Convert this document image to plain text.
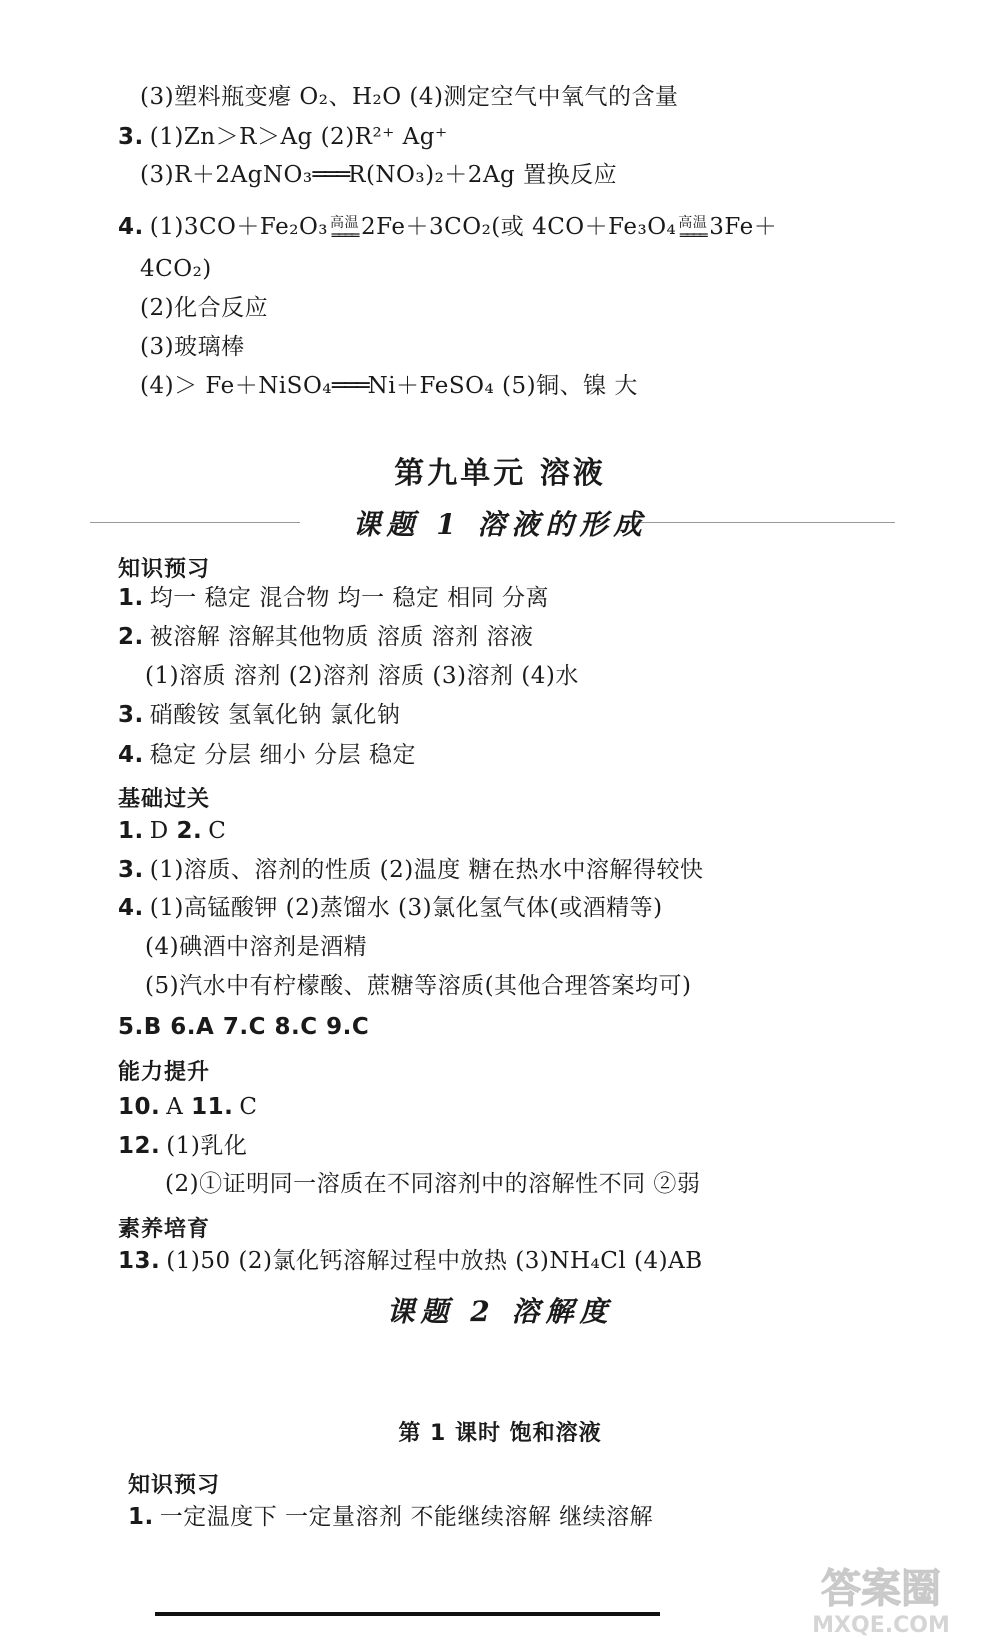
(3)塑料瓶变瘪 O₂、H₂O (4)测定空气中氧气的含量
3. (1)Zn＞R＞Ag (2)R²⁺ Ag⁺
(3)R＋2AgNO₃═══R(NO₃)₂＋2Ag 置换反应
4. (1)3CO＋Fe₂O₃ 高温
════ 2Fe＋3CO₂(或 4CO＋Fe₃O₄ 高温
════ 3Fe＋
4CO₂)
(2)化合反应
(3)玻璃棒
(4)＞ Fe＋NiSO₄═══Ni＋FeSO₄ (5)铜、镍 大
第九单元 溶液
课题 1 溶液的形成
知识预习
1. 均一 稳定 混合物 均一 稳定 相同 分离
2. 被溶解 溶解其他物质 溶质 溶剂 溶液
(1)溶质 溶剂 (2)溶剂 溶质 (3)溶剂 (4)水
3. 硝酸铵 氢氧化钠 氯化钠
4. 稳定 分层 细小 分层 稳定
基础过关
1. D 2. C
3. (1)溶质、溶剂的性质 (2)温度 糖在热水中溶解得较快
4. (1)高锰酸钾 (2)蒸馏水 (3)氯化氢气体(或酒精等)
(4)碘酒中溶剂是酒精
(5)汽水中有柠檬酸、蔗糖等溶质(其他合理答案均可)
5.B 6.A 7.C 8.C 9.C
能力提升
10. A 11. C
12. (1)乳化
(2)①证明同一溶质在不同溶剂中的溶解性不同 ②弱
素养培育
13. (1)50 (2)氯化钙溶解过程中放热 (3)NH₄Cl (4)AB
课题 2 溶解度
第 1 课时 饱和溶液
知识预习
1. 一定温度下 一定量溶剂 不能继续溶解 继续溶解
答案圈
MXQE.COM
